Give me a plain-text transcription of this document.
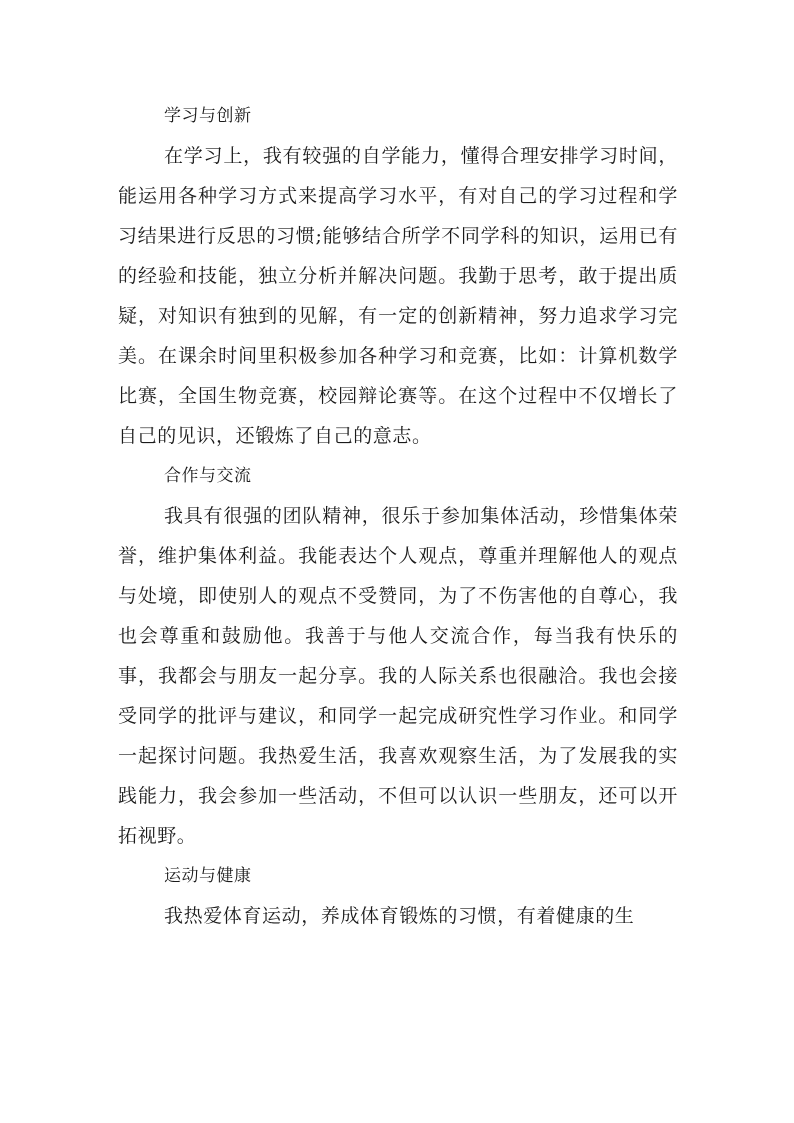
学习与创新

在学习上，我有较强的自学能力，懂得合理安排学习时间，能运用各种学习方式来提高学习水平，有对自己的学习过程和学习结果进行反思的习惯;能够结合所学不同学科的知识，运用已有的经验和技能，独立分析并解决问题。我勤于思考，敢于提出质疑，对知识有独到的见解，有一定的创新精神，努力追求学习完美。在课余时间里积极参加各种学习和竞赛，比如：计算机数学比赛，全国生物竞赛，校园辩论赛等。在这个过程中不仅增长了自己的见识，还锻炼了自己的意志。

合作与交流

我具有很强的团队精神，很乐于参加集体活动，珍惜集体荣誉，维护集体利益。我能表达个人观点，尊重并理解他人的观点与处境，即使别人的观点不受赞同，为了不伤害他的自尊心，我也会尊重和鼓励他。我善于与他人交流合作，每当我有快乐的事，我都会与朋友一起分享。我的人际关系也很融洽。我也会接受同学的批评与建议，和同学一起完成研究性学习作业。和同学一起探讨问题。我热爱生活，我喜欢观察生活，为了发展我的实践能力，我会参加一些活动，不但可以认识一些朋友，还可以开拓视野。

运动与健康

我热爱体育运动，养成体育锻炼的习惯，有着健康的生
